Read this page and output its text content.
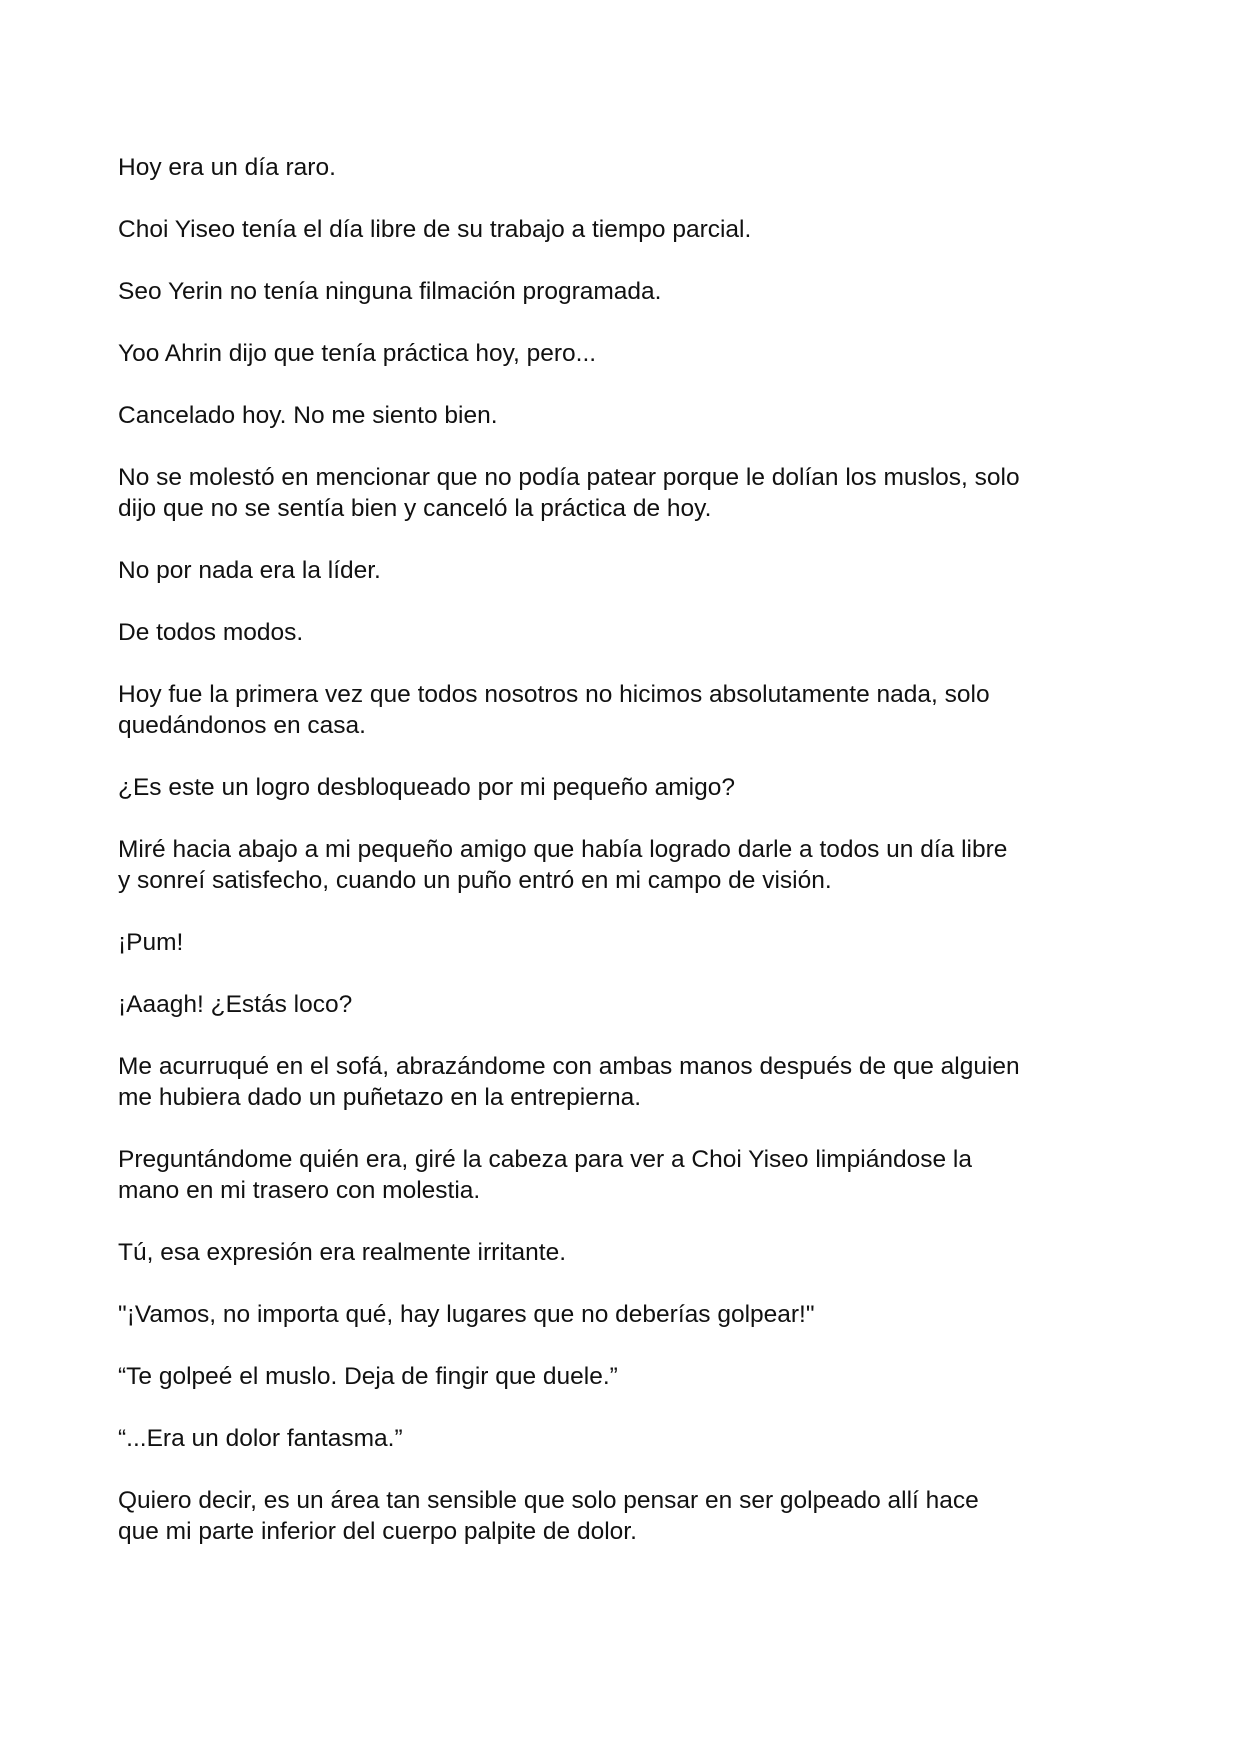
Hoy era un día raro.

Choi Yiseo tenía el día libre de su trabajo a tiempo parcial.

Seo Yerin no tenía ninguna filmación programada.

Yoo Ahrin dijo que tenía práctica hoy, pero...

Cancelado hoy. No me siento bien.

No se molestó en mencionar que no podía patear porque le dolían los muslos, solo
dijo que no se sentía bien y canceló la práctica de hoy.

No por nada era la líder.

De todos modos.

Hoy fue la primera vez que todos nosotros no hicimos absolutamente nada, solo
quedándonos en casa.

¿Es este un logro desbloqueado por mi pequeño amigo?

Miré hacia abajo a mi pequeño amigo que había logrado darle a todos un día libre
y sonreí satisfecho, cuando un puño entró en mi campo de visión.

¡Pum!

¡Aaagh! ¿Estás loco?

Me acurruqué en el sofá, abrazándome con ambas manos después de que alguien
me hubiera dado un puñetazo en la entrepierna.

Preguntándome quién era, giré la cabeza para ver a Choi Yiseo limpiándose la
mano en mi trasero con molestia.

Tú, esa expresión era realmente irritante.

"¡Vamos, no importa qué, hay lugares que no deberías golpear!"

“Te golpeé el muslo. Deja de fingir que duele.”

“...Era un dolor fantasma.”

Quiero decir, es un área tan sensible que solo pensar en ser golpeado allí hace
que mi parte inferior del cuerpo palpite de dolor.
